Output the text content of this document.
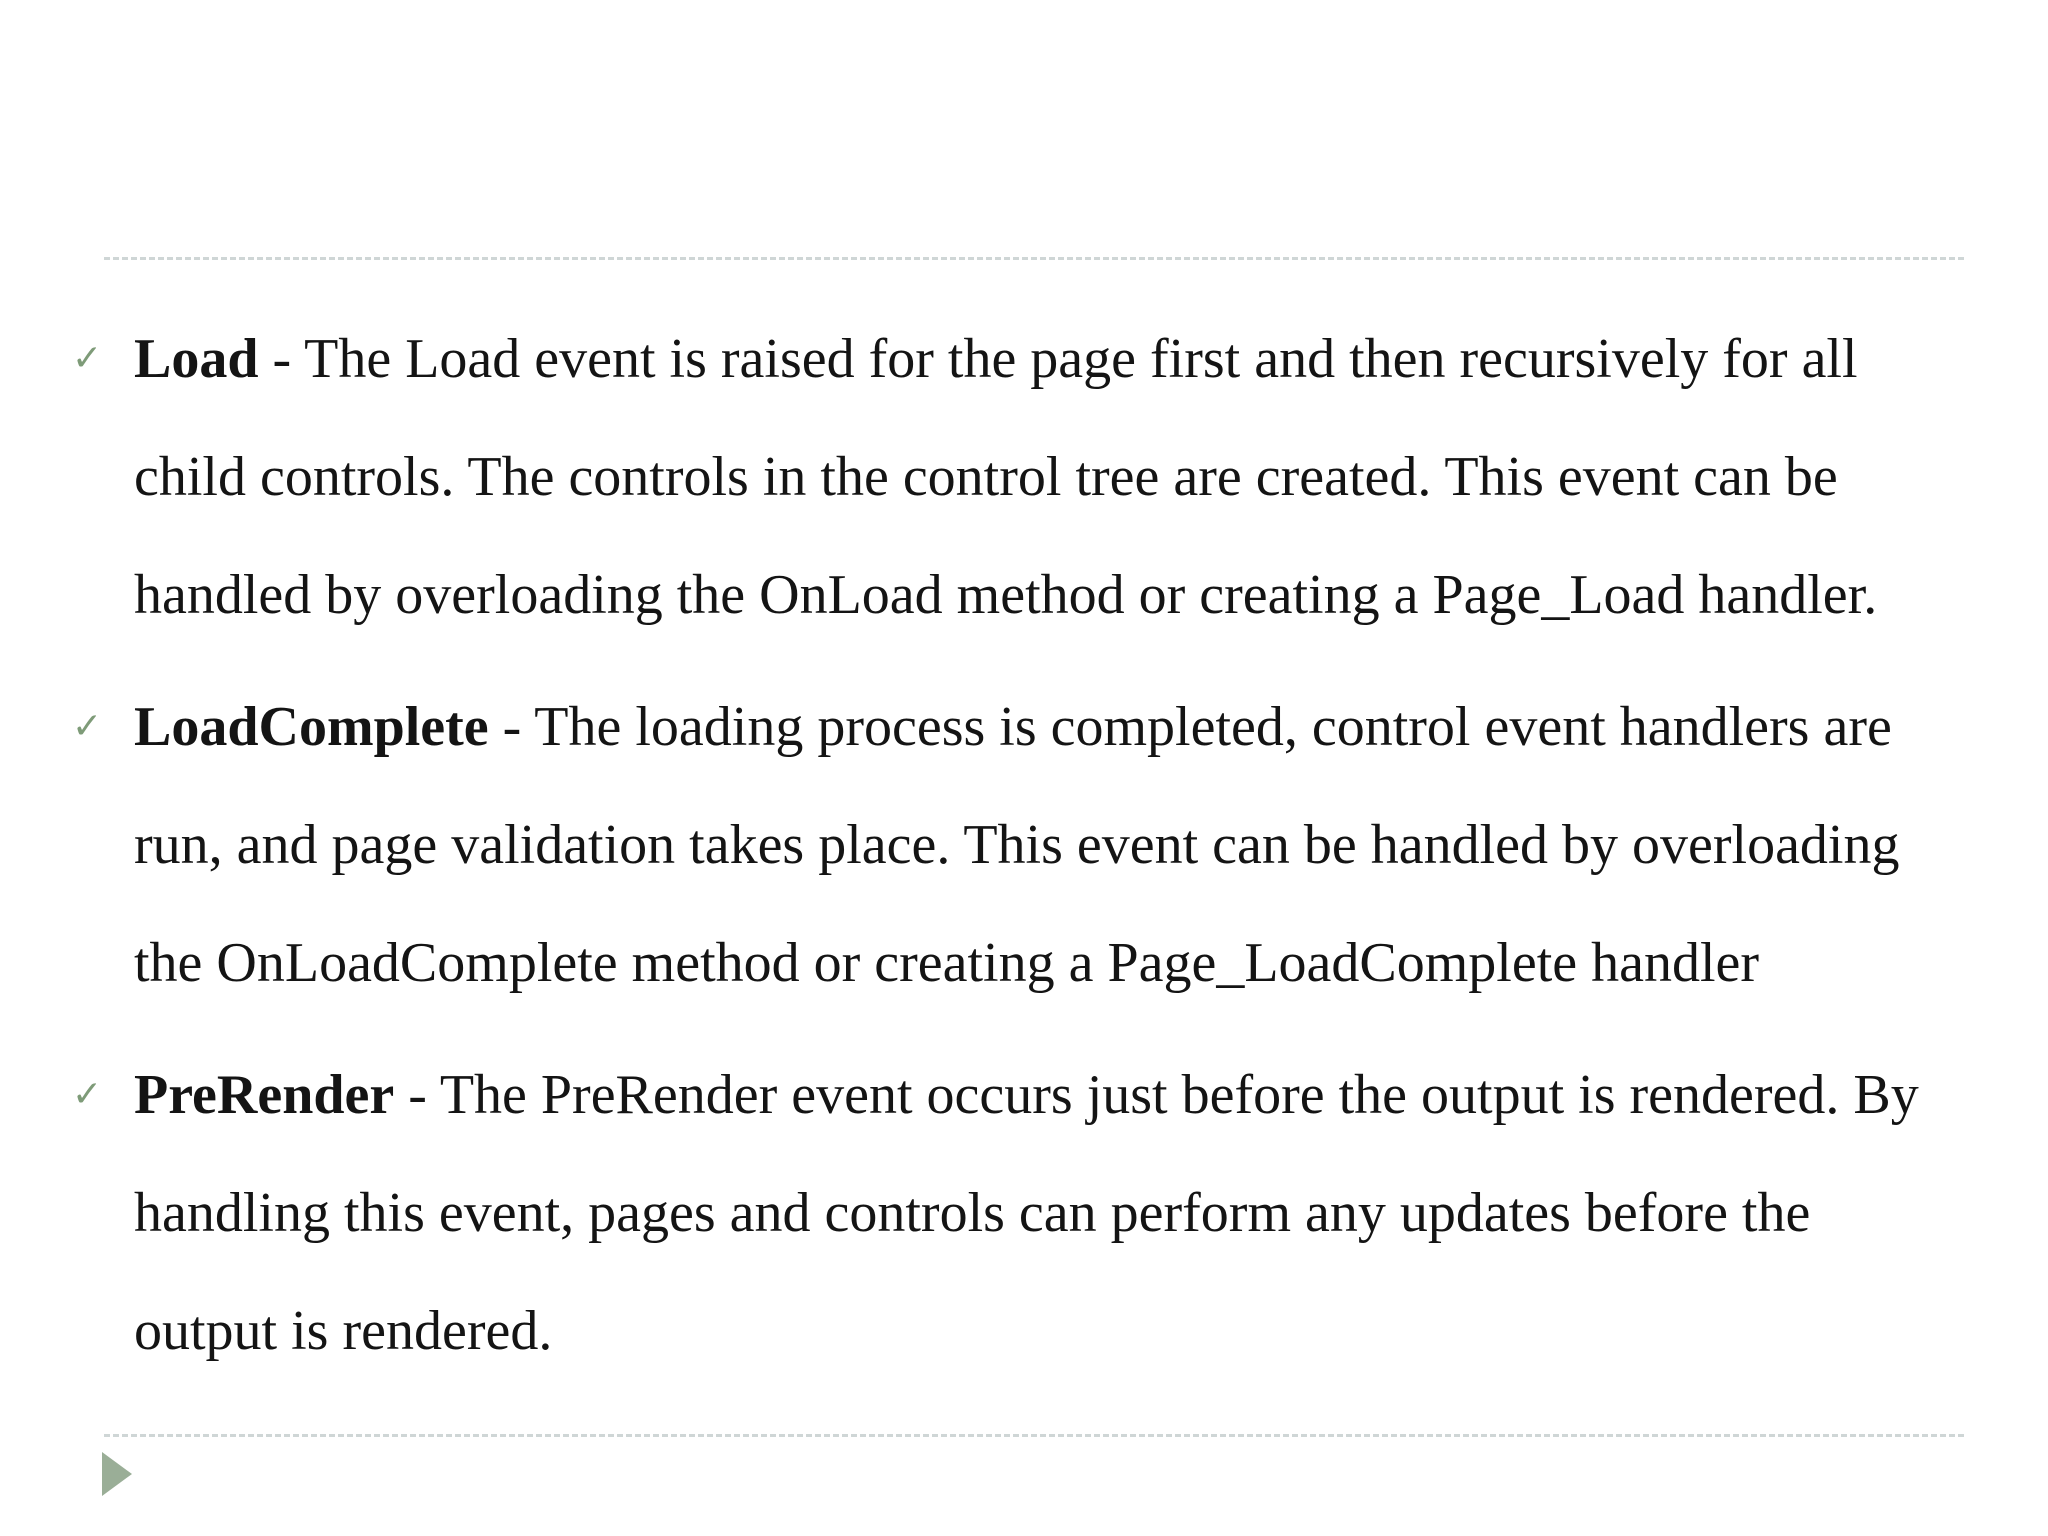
✓ Load - The Load event is raised for the page first and then recursively for all child controls. The controls in the control tree are created. This event can be handled by overloading the OnLoad method or creating a Page_Load handler.
✓ LoadComplete - The loading process is completed, control event handlers are run, and page validation takes place. This event can be handled by overloading the OnLoadComplete method or creating a Page_LoadComplete handler
✓ PreRender - The PreRender event occurs just before the output is rendered. By handling this event, pages and controls can perform any updates before the output is rendered.
